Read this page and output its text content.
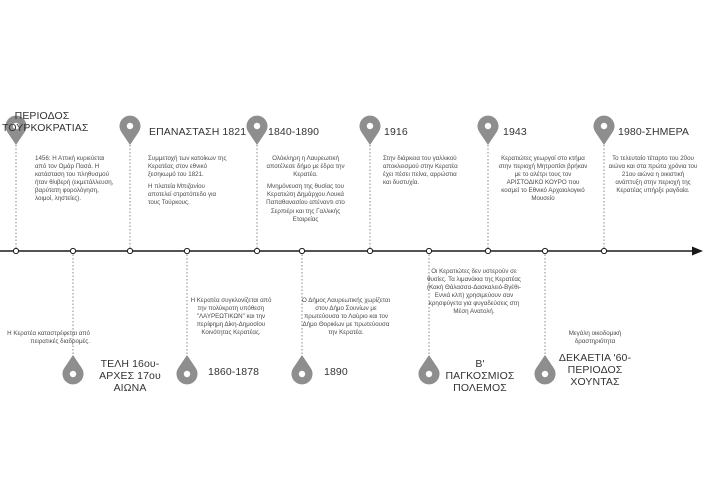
ΠΕΡΙΟΔΟΣ ΤΟΥΡΚΟΚΡΑΤΙΑΣ
1456: Η Αττική κυριεύεται από τον Ομάρ Πασά. Η κατάσταση του πληθυσμού ήταν θλιβερή (εκμετάλλευση, βαρύτατη φορολόγηση, λοιμοί, ληστείες).
ΕΠΑΝΑΣΤΑΣΗ 1821
Συμμετοχή των κατοίκων της Κερατέας στον εθνικό ξεσηκωμό του 1821.
Η πλατεία Μπιζανίου αποτελεί στρατόπεδο για τους Τούρκους.
1840-1890
Ολόκληρη η Λαυρεωτική αποτέλεσε δήμο με έδρα την Κερατέα.
Μνημόνευση της θυσίας του Κερατιώτη Δημάρχου Λουκά Παπαθανασίου απέναντι στο Σερπιέρι και της Γαλλικής Εταιρείας
1916
Στην διάρκεια του γαλλικού αποκλεισμού στην Κερατέα έχει πέσει πείνα, αρρώστια και δυστυχία.
1943
Κερατιώτες γεωργοί στο κτήμα στην περιοχή Μητροπίσι βρήκαν με το αλέτρι τους τον ΑΡΙΣΤΟΔΙΚΟ ΚΟΥΡΟ που κοσμεί το Εθνικό Αρχαιολογικό Μουσείο
1980-ΣΗΜΕΡΑ
Το τελευταίο τέταρτο του 20ου αιώνα και στα πρώτα χρόνια του 21ου αιώνα η οικιστική ανάπτυξη στην περιοχή της Κερατέας υπήρξε ραγδαία.
Η Κερατέα καταστρέφεται από πειρατικές διαδρομές.
ΤΕΛΗ 16ου-ΑΡΧΕΣ 17ου ΑΙΩΝΑ
Η Κερατέα συγκλονίζεται από την πολύκροτη υπόθεση "ΛΑΥΡΕΩΤΙΚΩΝ" και την περίφημη Δίκη-Δημοσίου Κοινότητας Κερατέας.
1860-1878
Ο Δήμος Λαυρεωτικής χωρίζεται στον Δήμο Σουνίων με πρωτεύουσα το Λαύριο και τον Δήμο Θορικίων με πρωτεύουσα την Κερατέα.
1890
Οι Κερατιώτες δεν υστερούν σε θυσίες. Τα λιμανάκια της Κερατέας (Κακή Θάλασσα-Δασκαλειό-Βγέθι-Εννιά κλπ) χρησιμεύουν σαν κρησφύγετα για φυγαδεύσεις στη Μέση Ανατολή.
Β' ΠΑΓΚΟΣΜΙΟΣ ΠΟΛΕΜΟΣ
Μεγάλη οικοδομική δραστηριότητα
ΔΕΚΑΕΤΙΑ '60-ΠΕΡΙΟΔΟΣ ΧΟΥΝΤΑΣ
